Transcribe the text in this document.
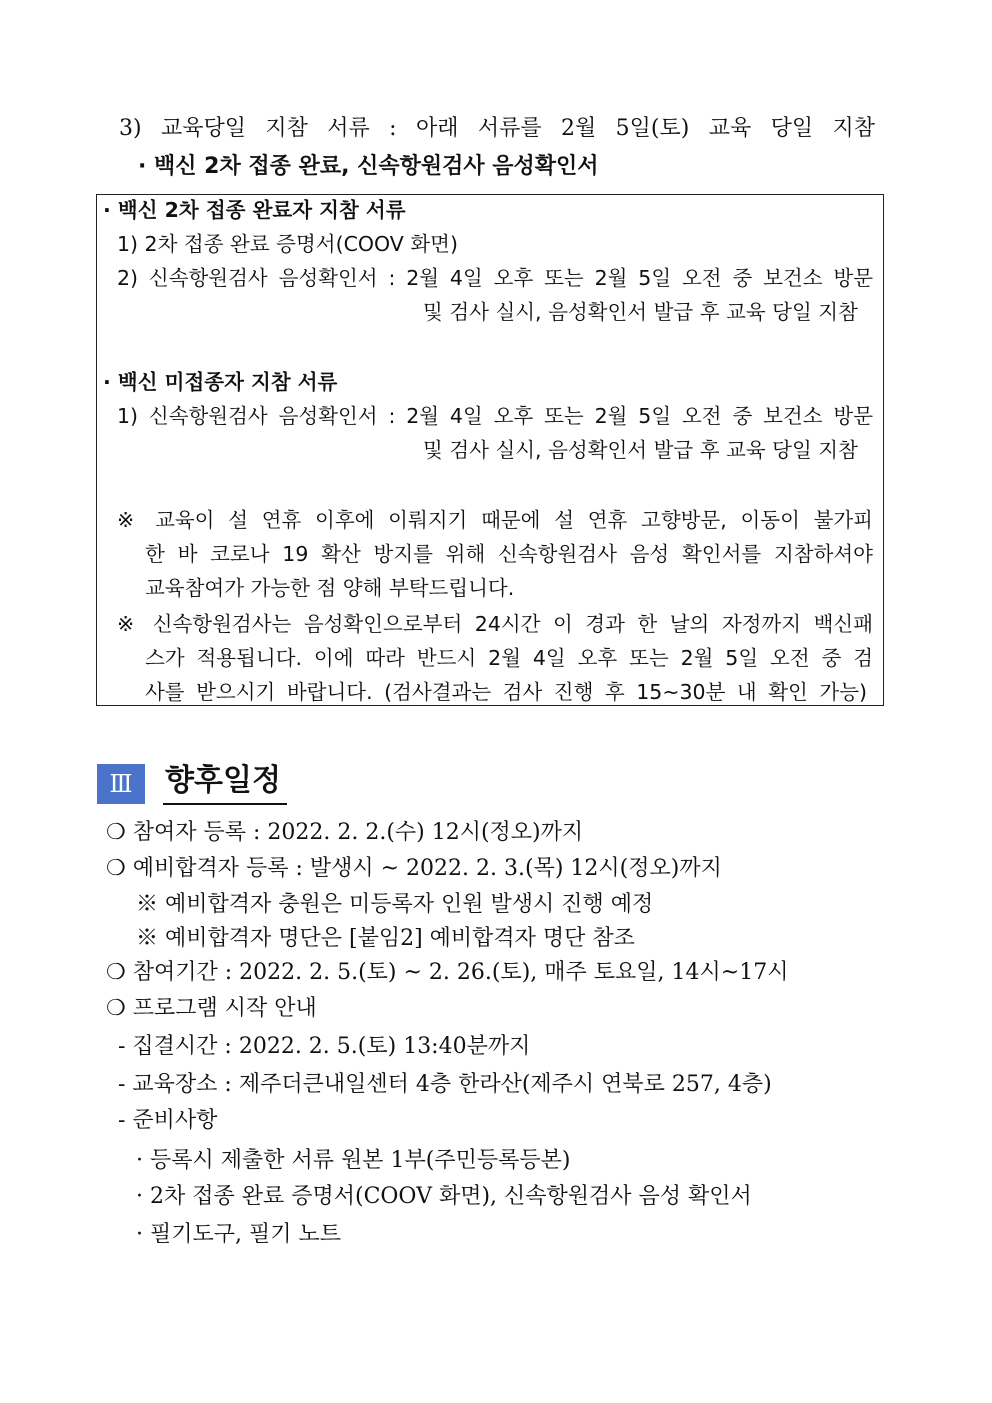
3) 교육당일 지참 서류 : 아래 서류를 2월 5일(토) 교육 당일 지참
· 백신 2차 접종 완료, 신속항원검사 음성확인서
· 백신 2차 접종 완료자 지참 서류
1) 2차 접종 완료 증명서(COOV 화면)
2) 신속항원검사 음성확인서 : 2월 4일 오후 또는 2월 5일 오전 중 보건소 방문
및 검사 실시, 음성확인서 발급 후 교육 당일 지참
· 백신 미접종자 지참 서류
1) 신속항원검사 음성확인서 : 2월 4일 오후 또는 2월 5일 오전 중 보건소 방문
및 검사 실시, 음성확인서 발급 후 교육 당일 지참
※ 교육이 설 연휴 이후에 이뤄지기 때문에 설 연휴 고향방문, 이동이 불가피
한 바 코로나 19 확산 방지를 위해 신속항원검사 음성 확인서를 지참하셔야
교육참여가 가능한 점 양해 부탁드립니다.
※ 신속항원검사는 음성확인으로부터 24시간 이 경과 한 날의 자정까지 백신패
스가 적용됩니다. 이에 따라 반드시 2월 4일 오후 또는 2월 5일 오전 중 검
사를 받으시기 바랍니다. (검사결과는 검사 진행 후 15~30분 내 확인 가능)
Ⅲ	향후일정
❍ 참여자 등록 : 2022. 2. 2.(수) 12시(정오)까지
❍ 예비합격자 등록 : 발생시 ~ 2022. 2. 3.(목) 12시(정오)까지
※ 예비합격자 충원은 미등록자 인원 발생시 진행 예정
※ 예비합격자 명단은 [붙임2] 예비합격자 명단 참조
❍ 참여기간 : 2022. 2. 5.(토) ~ 2. 26.(토), 매주 토요일, 14시~17시
❍ 프로그램 시작 안내
- 집결시간 : 2022. 2. 5.(토) 13:40분까지
- 교육장소 : 제주더큰내일센터 4층 한라산(제주시 연북로 257, 4층)
- 준비사항
· 등록시 제출한 서류 원본 1부(주민등록등본)
· 2차 접종 완료 증명서(COOV 화면), 신속항원검사 음성 확인서
· 필기도구, 필기 노트
